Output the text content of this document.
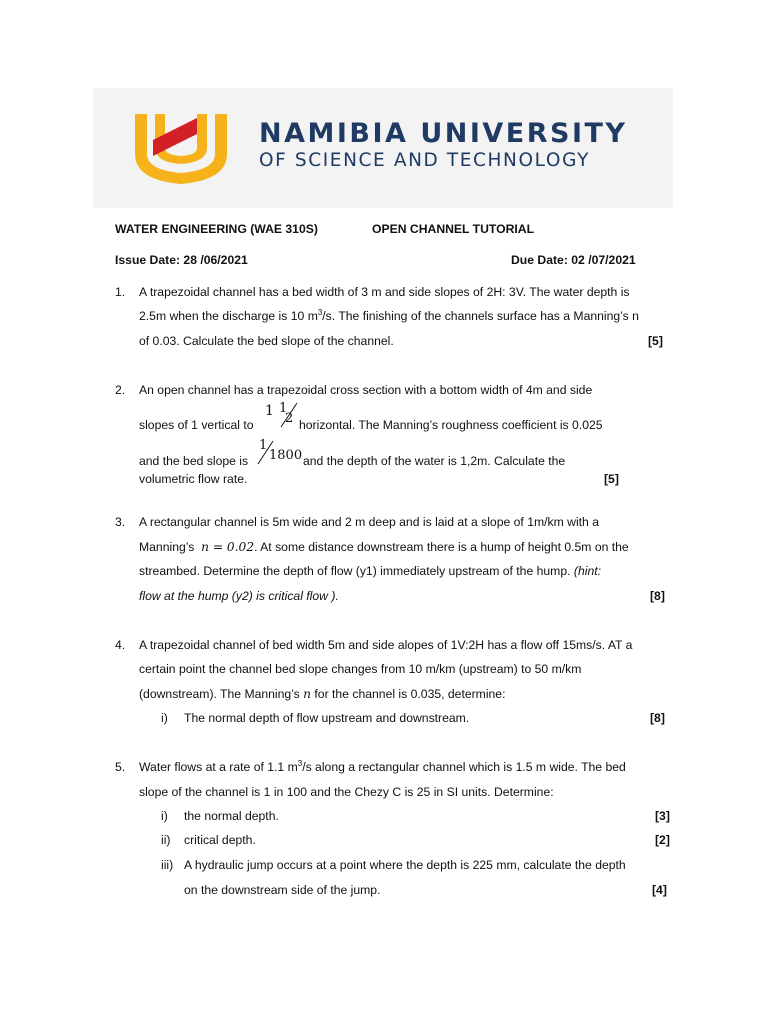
NAMIBIA UNIVERSITY
OF SCIENCE AND TECHNOLOGY
WATER ENGINEERING (WAE 310S)	OPEN CHANNEL TUTORIAL
Issue Date: 28 /06/2021	Due Date: 02 /07/2021
1. A trapezoidal channel has a bed width of 3 m and side slopes of 2H: 3V. The water depth is
2.5m when the discharge is 10 $m^3/s$. The finishing of the channels surface has a Manning’s n
of 0.03. Calculate the bed slope of the channel.	[5]
2. An open channel has a trapezoidal cross section with a bottom width of 4m and side
slopes of 1 vertical to
1 1
2 horizontal. The Manning’s roughness coefficient is 0.025
and the bed slope is
1
1800 and the depth of the water is 1,2m. Calculate the
volumetric flow rate.	[5]
3. A rectangular channel is 5m wide and 2 m deep and is laid at a slope of 1m/km with a
Manning’s n = 0.02. At some distance downstream there is a hump of height 0.5m on the
streambed. Determine the depth of flow (y1) immediately upstream of the hump. (hint:
flow at the hump (y2) is critical flow ).	[8]
4. A trapezoidal channel of bed width 5m and side alopes of 1V:2H has a flow off 15ms/s. AT a
certain point the channel bed slope changes from 10 m/km (upstream) to 50 m/km
(downstream). The Manning’s n for the channel is 0.035, determine:
i) The normal depth of flow upstream and downstream.	[8]
5. Water flows at a rate of 1.1 $m^3/s$ along a rectangular channel which is 1.5 m wide. The bed
slope of the channel is 1 in 100 and the Chezy C is 25 in SI units. Determine:
i) the normal depth.	[3]
ii) critical depth.	[2]
iii) A hydraulic jump occurs at a point where the depth is 225 mm, calculate the depth
on the downstream side of the jump.	[4]
